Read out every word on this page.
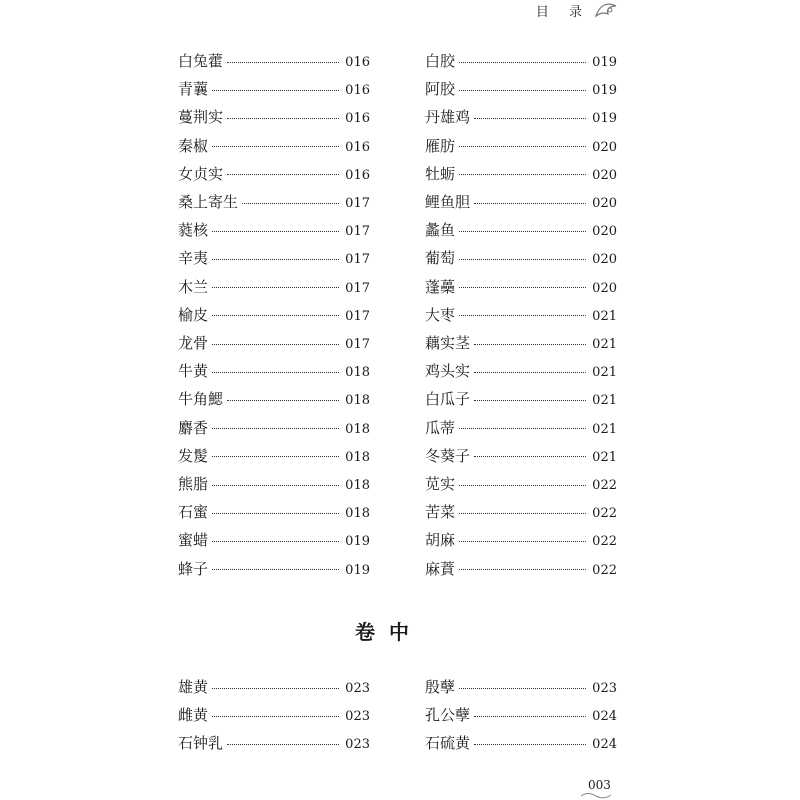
目 录
白兔藿	016
青蘘	016
蔓荆实	016
秦椒	016
女贞实	016
桑上寄生	017
蕤核	017
辛夷	017
木兰	017
榆皮	017
龙骨	017
牛黄	018
牛角鰓	018
麝香	018
发髲	018
熊脂	018
石蜜	018
蜜蜡	019
蜂子	019
白胶	019
阿胶	019
丹雄鸡	019
雁肪	020
牡蛎	020
鲤鱼胆	020
蠡鱼	020
葡萄	020
蓬蘽	020
大枣	021
藕实茎	021
鸡头实	021
白瓜子	021
瓜蒂	021
冬葵子	021
苋实	022
苦菜	022
胡麻	022
麻蕡	022
卷中
雄黄	023
雌黄	023
石钟乳	023
殷孽	023
孔公孽	024
石硫黄	024
003
